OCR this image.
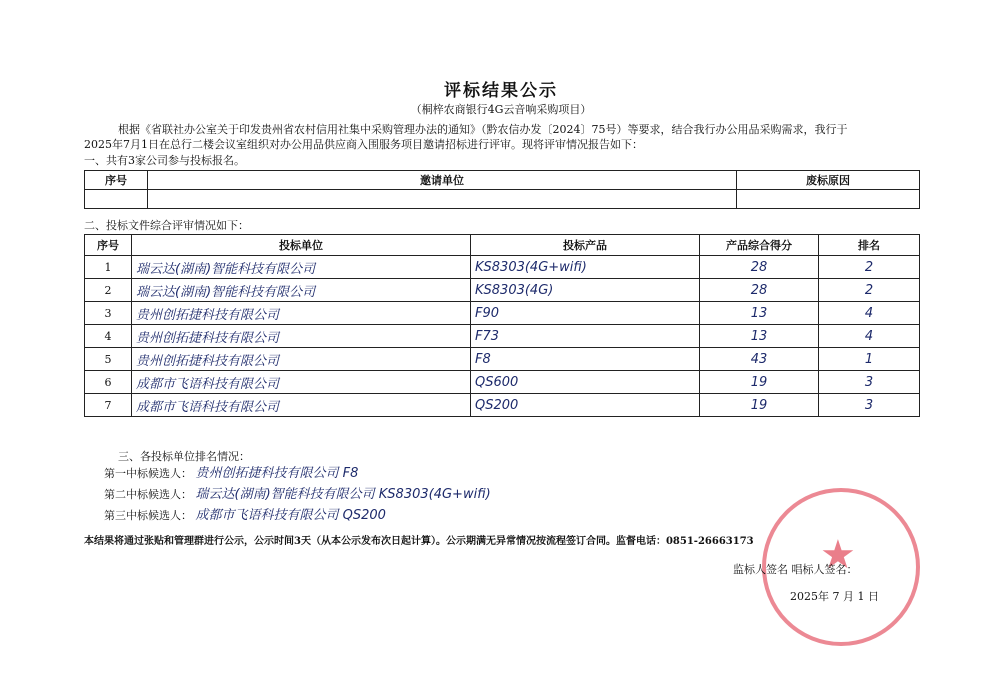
评标结果公示
（桐梓农商银行4G云音响采购项目）
根据《省联社办公室关于印发贵州省农村信用社集中采购管理办法的通知》（黔农信办发〔2024〕75号）等要求，结合我行办公用品采购需求，我行于
2025年7月1日在总行二楼会议室组织对办公用品供应商入围服务项目邀请招标进行评审。现将评审情况报告如下：
一、共有3家公司参与投标报名。
序号	邀请单位	废标原因

二、投标文件综合评审情况如下：
序号	投标单位	投标产品	产品综合得分	排名
1	瑞云达(湖南)智能科技有限公司	KS8303(4G+wifi)	28	2
2	瑞云达(湖南)智能科技有限公司	KS8303(4G)	28	2
3	贵州创拓捷科技有限公司	F90	13	4
4	贵州创拓捷科技有限公司	F73	13	4
5	贵州创拓捷科技有限公司	F8	43	1
6	成都市飞语科技有限公司	QS600	19	3
7	成都市飞语科技有限公司	QS200	19	3
三、各投标单位排名情况：
第一中标候选人： 贵州创拓捷科技有限公司 F8
第二中标候选人： 瑞云达(湖南)智能科技有限公司 KS8303(4G+wifi)
第三中标候选人： 成都市飞语科技有限公司 QS200
本结果将通过张贴和管理群进行公示，公示时间3天（从本公示发布次日起计算）。公示期满无异常情况按流程签订合同。监督电话：0851-26663173 ★
监标人签名 唱标人签名：
2025年 7 月 1 日
